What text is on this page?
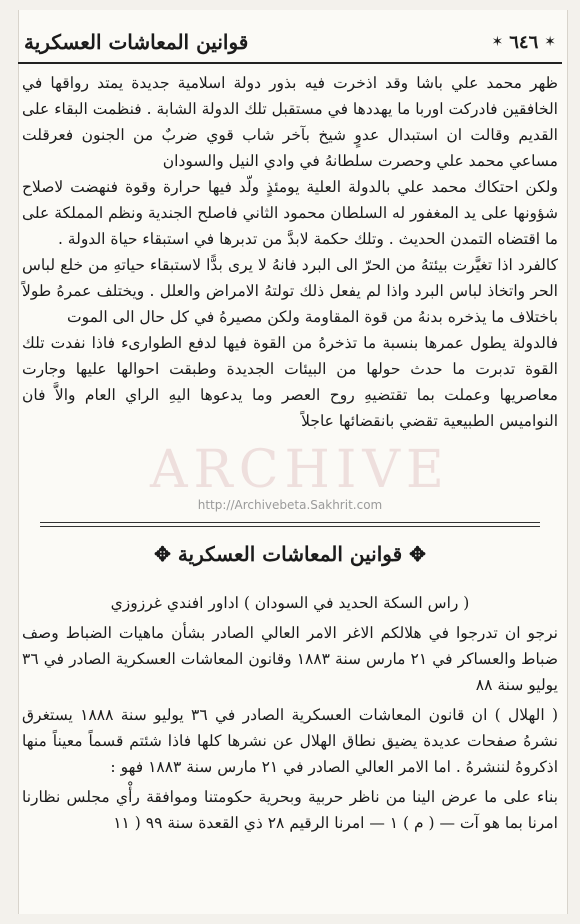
قوانين المعاشات العسكرية	✶ ٦٤٦ ✶

ظهر محمد علي باشا وقد اذخرت فيه بذور دولة اسلامية جديدة يمتد رواقها في الخافقين فادركت اوربا ما يهددها في مستقبل تلك الدولة الشابة . فنظمت البقاء على القديم وقالت ان استبدال عدوٍ شيخ بآخر شاب قوي ضربٌ من الجنون فعرقلت مساعي محمد علي وحصرت سلطانهُ في وادي النيل والسودان

ولكن احتكاك محمد علي بالدولة العلية يومئذٍ ولّد فيها حرارة وقوة فنهضت لاصلاح شؤونها على يد المغفور له السلطان محمود الثاني فاصلح الجندية ونظم المملكة على ما اقتضاه التمدن الحديث . وتلك حكمة لابدَّ من تدبرها في استبقاء حياة الدولة .

كالفرد اذا تغيَّرت بيئتهُ من الحرّ الى البرد فانهُ لا يرى بدًّا لاستبقاء حياتهِ من خلع لباس الحر واتخاذ لباس البرد واذا لم يفعل ذلك تولتهُ الامراض والعلل . ويختلف عمرهُ طولاً باختلاف ما يذخره بدنهُ من قوة المقاومة ولكن مصيرهُ في كل حال الى الموت

فالدولة يطول عمرها بنسبة ما تذخرهُ من القوة فيها لدفع الطوارىء فاذا نفدت تلك القوة تدبرت ما حدث حولها من البيئات الجديدة وطبقت احوالها عليها وجارت معاصريها وعملت بما تقتضيهِ روح العصر وما يدعوها اليهِ الراي العام والاَّ فان النواميس الطبيعية تقضي بانقضائها عاجلاً

ARCHIVE
http://Archivebeta.Sakhrit.com
✥ قوانين المعاشات العسكرية ✥

( راس السكة الحديد في السودان ) اداور افندي غرزوزي

نرجو ان تدرجوا في هلالكم الاغر الامر العالي الصادر بشأن ماهيات الضباط وصف ضباط والعساكر في ٢١ مارس سنة ١٨٨٣ وقانون المعاشات العسكرية الصادر في ٣٦ يوليو سنة ٨٨

( الهلال ) ان قانون المعاشات العسكرية الصادر في ٣٦ يوليو سنة ١٨٨٨ يستغرق نشرهُ صفحات عديدة يضيق نطاق الهلال عن نشرها كلها فاذا شئتم قسماً معيناً منها اذكروهُ لننشرهُ . اما الامر العالي الصادر في ٢١ مارس سنة ١٨٨٣ فهو :

بناء على ما عرض الينا من ناظر حربية وبحرية حكومتنا وموافقة رأْي مجلس نظارنا امرنا بما هو آت — ( م ) ١ — امرنا الرقيم ٢٨ ذي القعدة سنة ٩٩ ( ١١
